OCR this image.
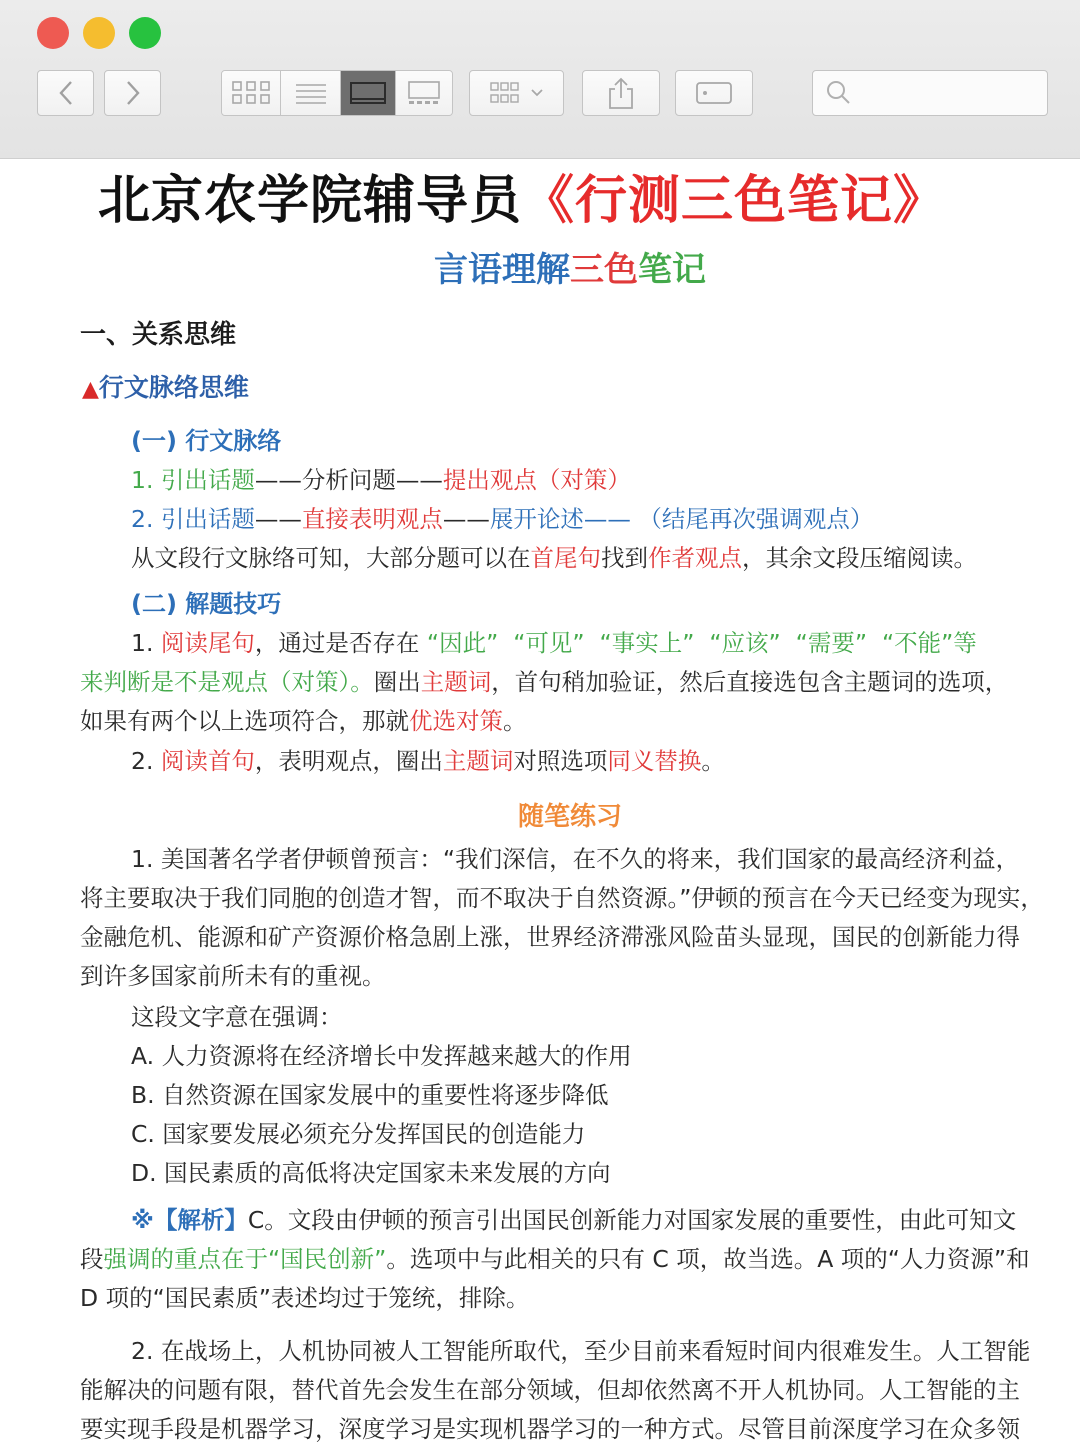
北京农学院辅导员《行测三色笔记》
言语理解三色笔记
一、关系思维
▲行文脉络思维
(一) 行文脉络
1. 引出话题——分析问题——提出观点（对策）
2. 引出话题——直接表明观点——展开论述—— （结尾再次强调观点）
从文段行文脉络可知，大部分题可以在首尾句找到作者观点，其余文段压缩阅读。
(二) 解题技巧
1. 阅读尾句，通过是否存在 “因此” “可见” “事实上” “应该” “需要” “不能”等
来判断是不是观点（对策）。圈出主题词，首句稍加验证，然后直接选包含主题词的选项，
如果有两个以上选项符合，那就优选对策。
2. 阅读首句，表明观点，圈出主题词对照选项同义替换。
随笔练习
1. 美国著名学者伊顿曾预言：“我们深信，在不久的将来，我们国家的最高经济利益，
将主要取决于我们同胞的创造才智，而不取决于自然资源。”伊顿的预言在今天已经变为现实，
金融危机、能源和矿产资源价格急剧上涨，世界经济滞涨风险苗头显现，国民的创新能力得
到许多国家前所未有的重视。
这段文字意在强调：
A. 人力资源将在经济增长中发挥越来越大的作用
B. 自然资源在国家发展中的重要性将逐步降低
C. 国家要发展必须充分发挥国民的创造能力
D. 国民素质的高低将决定国家未来发展的方向
※【解析】C。文段由伊顿的预言引出国民创新能力对国家发展的重要性，由此可知文
段强调的重点在于“国民创新”。选项中与此相关的只有 C 项，故当选。A 项的“人力资源”和
D 项的“国民素质”表述均过于笼统，排除。
2. 在战场上，人机协同被人工智能所取代，至少目前来看短时间内很难发生。人工智能
能解决的问题有限，替代首先会发生在部分领域，但却依然离不开人机协同。人工智能的主
要实现手段是机器学习，深度学习是实现机器学习的一种方式。尽管目前深度学习在众多领
